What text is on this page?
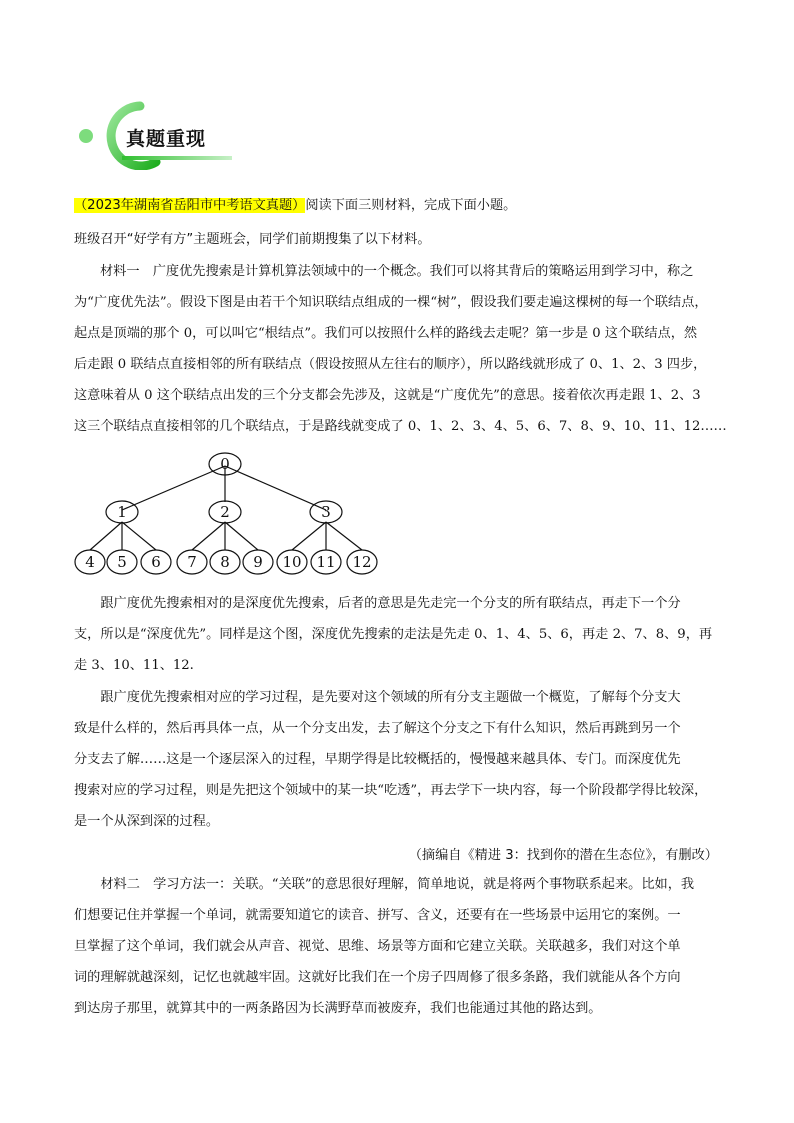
真题重现
（2023年湖南省岳阳市中考语文真题）阅读下面三则材料，完成下面小题。
班级召开“好学有方”主题班会，同学们前期搜集了以下材料。
材料一　广度优先搜索是计算机算法领域中的一个概念。我们可以将其背后的策略运用到学习中，称之
为“广度优先法”。假设下图是由若干个知识联结点组成的一棵“树”，假设我们要走遍这棵树的每一个联结点，
起点是顶端的那个 0，可以叫它“根结点”。我们可以按照什么样的路线去走呢？第一步是 0 这个联结点，然
后走跟 0 联结点直接相邻的所有联结点（假设按照从左往右的顺序），所以路线就形成了 0、1、2、3 四步，
这意味着从 0 这个联结点出发的三个分支都会先涉及，这就是“广度优先”的意思。接着依次再走跟 1、2、3
这三个联结点直接相邻的几个联结点，于是路线就变成了 0、1、2、3、4、5、6、7、8、9、10、11、12……
0
1	2	3
4 5 6 7 8 9 10 11 12
　　跟广度优先搜索相对的是深度优先搜索，后者的意思是先走完一个分支的所有联结点，再走下一个分
支，所以是“深度优先”。同样是这个图，深度优先搜索的走法是先走 0、1、4、5、6，再走 2、7、8、9，再
走 3、10、11、12.
　　跟广度优先搜索相对应的学习过程，是先要对这个领域的所有分支主题做一个概览，了解每个分支大
致是什么样的，然后再具体一点，从一个分支出发，去了解这个分支之下有什么知识，然后再跳到另一个
分支去了解……这是一个逐层深入的过程，早期学得是比较概括的，慢慢越来越具体、专门。而深度优先
搜索对应的学习过程，则是先把这个领域中的某一块“吃透”，再去学下一块内容，每一个阶段都学得比较深，
是一个从深到深的过程。
（摘编自《精进 3：找到你的潜在生态位》，有删改）
　　材料二　学习方法一：关联。“关联”的意思很好理解，简单地说，就是将两个事物联系起来。比如，我
们想要记住并掌握一个单词，就需要知道它的读音、拼写、含义，还要有在一些场景中运用它的案例。一
旦掌握了这个单词，我们就会从声音、视觉、思维、场景等方面和它建立关联。关联越多，我们对这个单
词的理解就越深刻，记忆也就越牢固。这就好比我们在一个房子四周修了很多条路，我们就能从各个方向
到达房子那里，就算其中的一两条路因为长满野草而被废弃，我们也能通过其他的路达到。
